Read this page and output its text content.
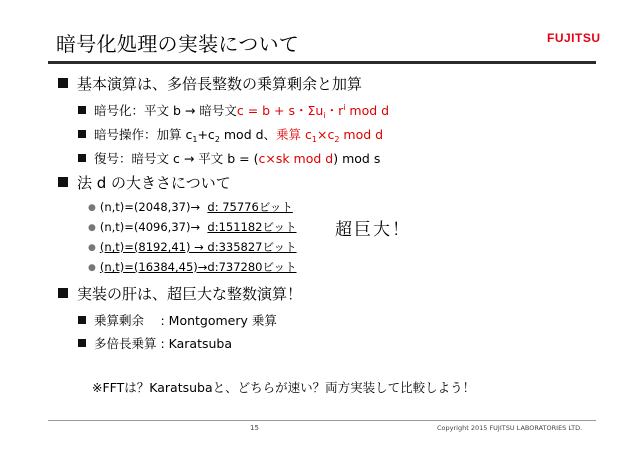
暗号化処理の実装について	FUJITSU
基本演算は、多倍長整数の乗算剰余と加算
暗号化：平文 b → 暗号文c = b + s・$\Sigma u_i$・$r^i$ mod d
暗号操作：加算 $c_1+c_2$ mod d、乗算 $c_1\times c_2$ mod d
復号：暗号文 c → 平文 b = (c×sk mod d) mod s
法 d の大きさについて
● (n,t)=(2048,37)→ d: 75776ビット
● (n,t)=(4096,37)→ d:151182ビット
● (n,t)=(8192,41) → d:335827ビット
● (n,t)=(16384,45)→d:737280ビット
超巨大！
実装の肝は、超巨大な整数演算！
乗算剰余　 : Montgomery 乗算
多倍長乗算 : Karatsuba
※FFTは？Karatsubaと、どちらが速い？両方実装して比較しよう！
15	Copyright 2015 FUJITSU LABORATORIES LTD.
